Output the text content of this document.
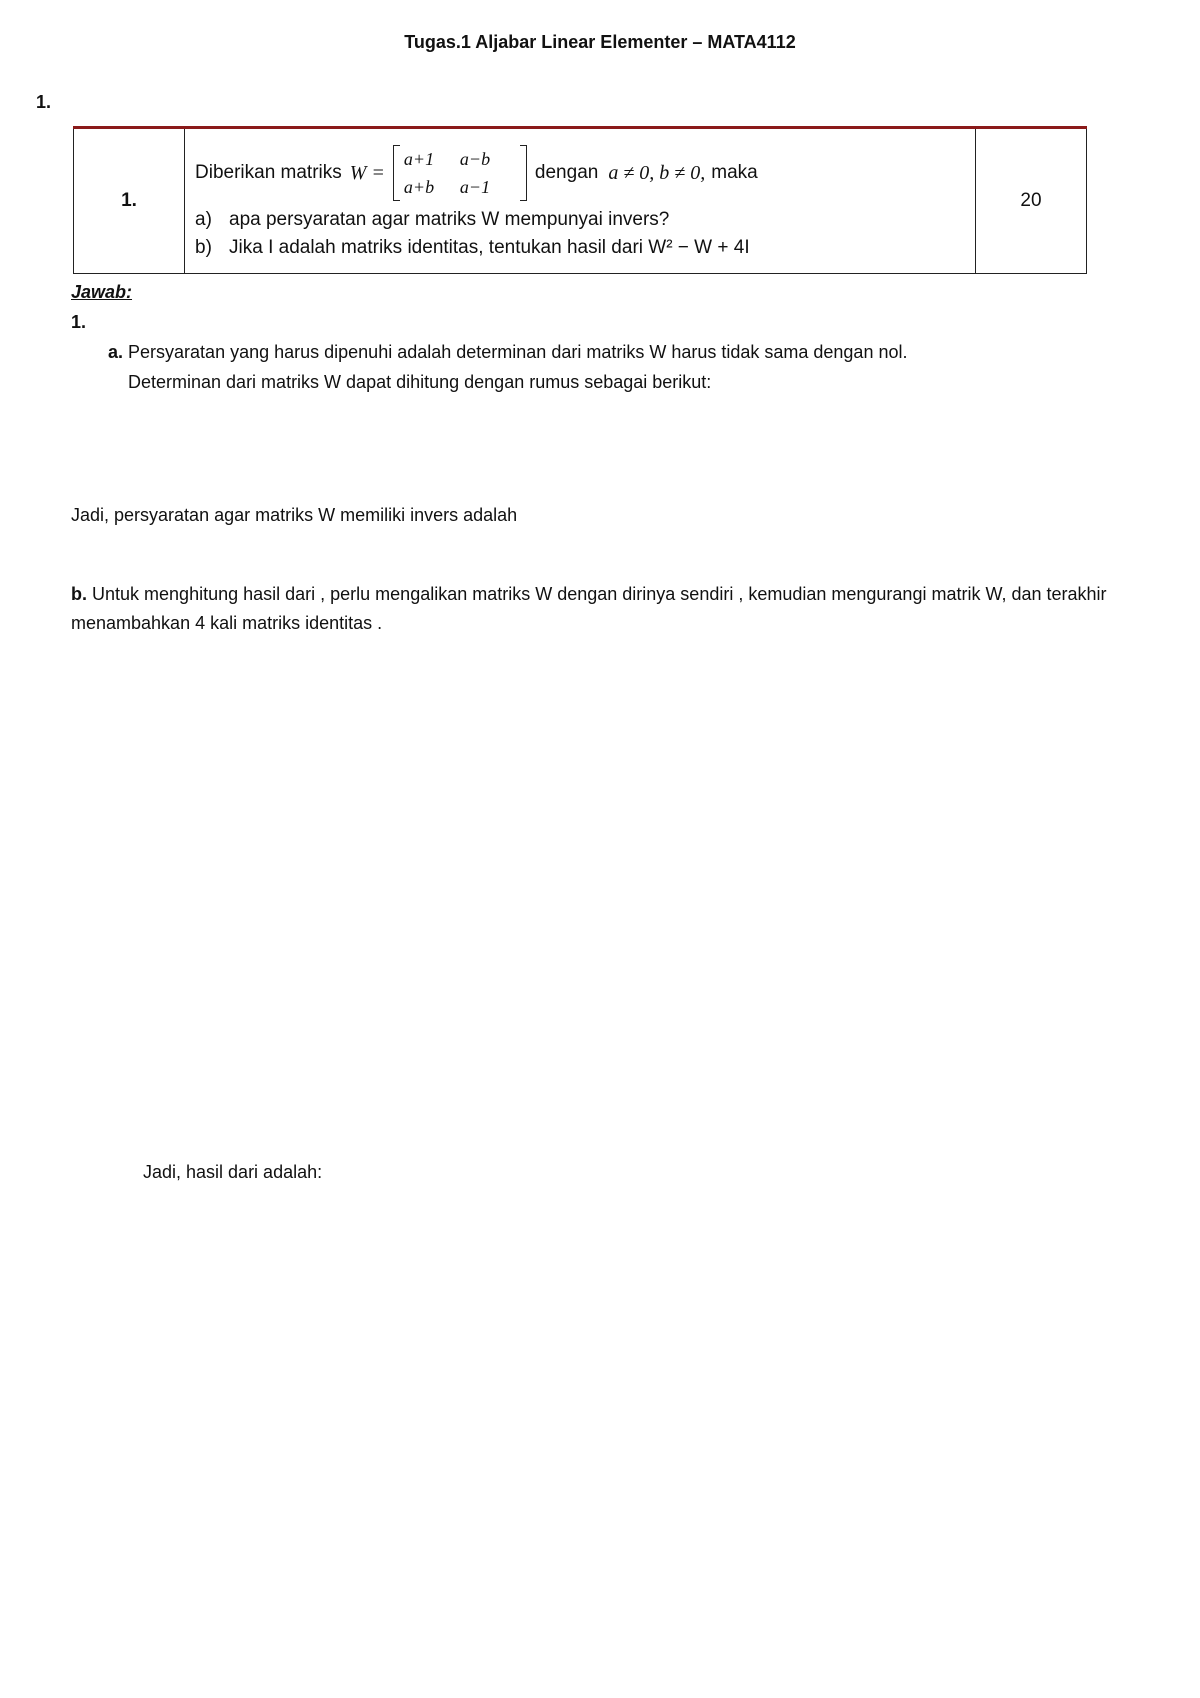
Tugas.1 Aljabar Linear Elementer – MATA4112
1.
1.	
Diberikan matriks W =
a+1	a−b
a+b	a−1
dengan a ≠ 0, b ≠ 0, maka
a) apa persyaratan agar matriks W mempunyai invers?
b) Jika I adalah matriks identitas, tentukan hasil dari W² − W + 4I
	20
Jawab:
1.
a. Persyaratan yang harus dipenuhi adalah determinan dari matriks W harus tidak sama dengan nol.
Determinan dari matriks W dapat dihitung dengan rumus sebagai berikut:
Jadi, persyaratan agar matriks W memiliki invers adalah
b. Untuk menghitung hasil dari , perlu mengalikan matriks W dengan dirinya sendiri , kemudian mengurangi matrik W, dan terakhir menambahkan 4 kali matriks identitas .
Jadi, hasil dari adalah:
